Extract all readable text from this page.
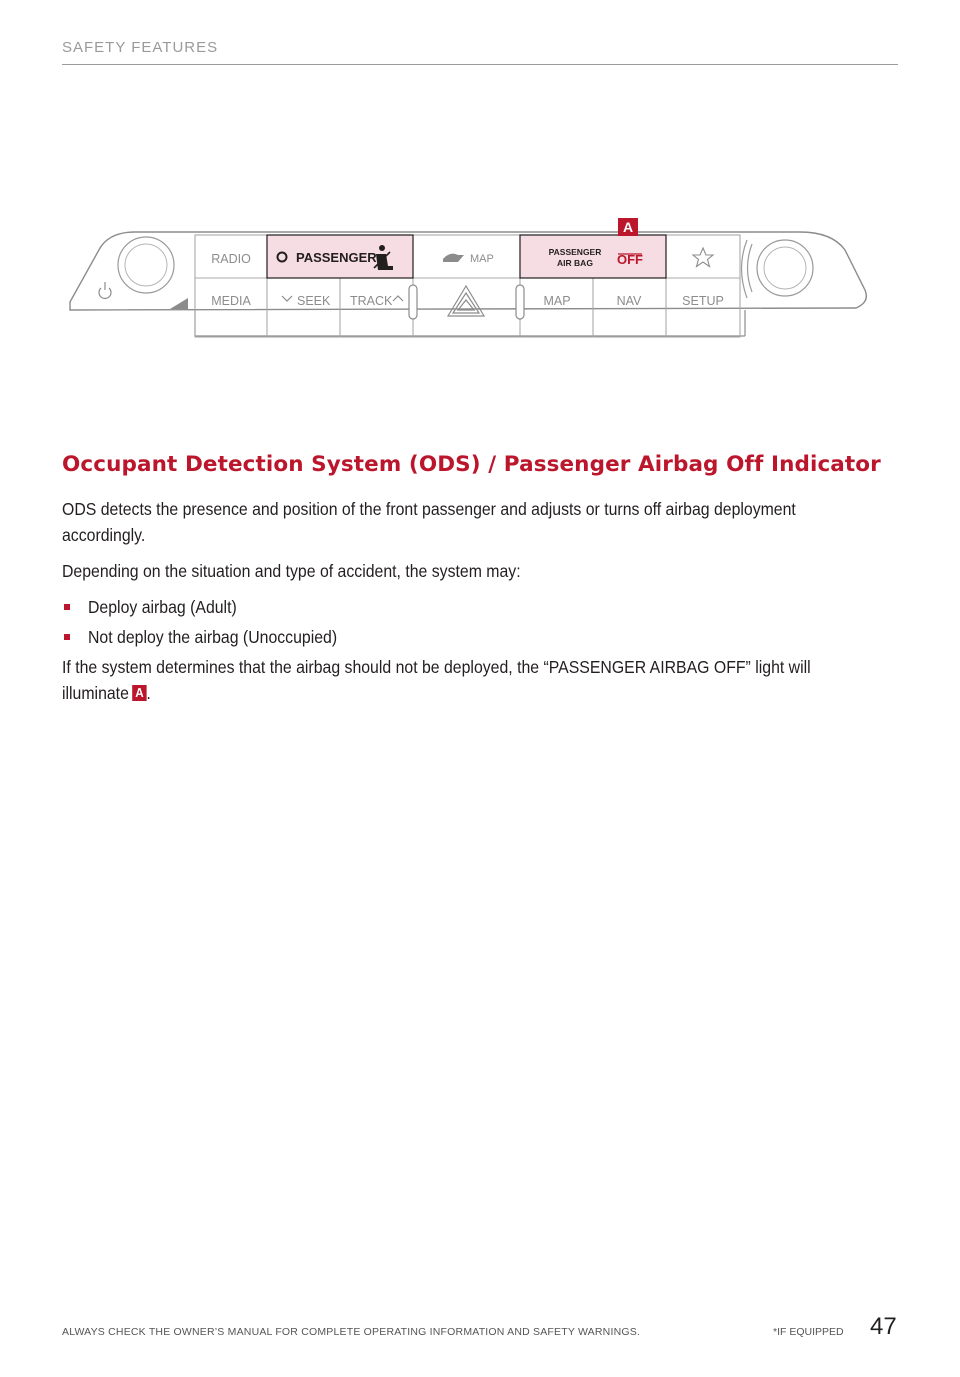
SAFETY FEATURES
PASSENGER	PASSENGER
AIR BAG OFF
A
RADIO	MAP
MEDIA	SEEK TRACK	MAP	NAV	SETUP
Occupant Detection System (ODS) / Passenger Airbag Off Indicator

ODS detects the presence and position of the front passenger and adjusts or turns off airbag deployment accordingly.

Depending on the situation and type of accident, the system may:

Deploy airbag (Adult)
Not deploy the airbag (Unoccupied)

If the system determines that the airbag should not be deployed, the “PASSENGER AIRBAG OFF” light will illuminate A .

ALWAYS CHECK THE OWNER’S MANUAL FOR COMPLETE OPERATING INFORMATION AND SAFETY WARNINGS.	*IF EQUIPPED 47
